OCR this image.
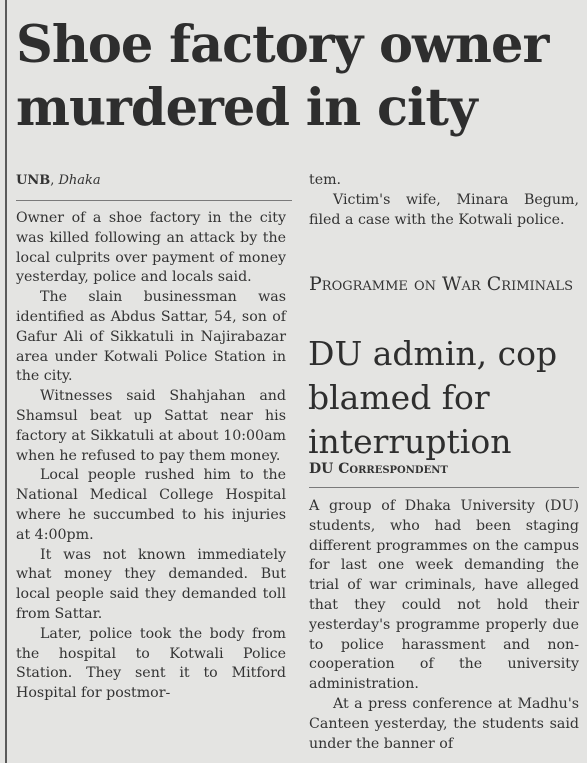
Shoe factory owner murdered in city
UNB, Dhaka

Owner of a shoe factory in the city was killed following an attack by the local culprits over payment of money yesterday, police and locals said.

The slain businessman was identified as Abdus Sattar, 54, son of Gafur Ali of Sikkatuli in Najirabazar area under Kotwali Police Station in the city.

Witnesses said Shahjahan and Shamsul beat up Sattat near his factory at Sikkatuli at about 10:00am when he refused to pay them money.

Local people rushed him to the National Medical College Hospital where he succumbed to his injuries at 4:00pm.

It was not known immediately what money they demanded. But local people said they demanded toll from Sattar.

Later, police took the body from the hospital to Kotwali Police Station. They sent it to Mitford Hospital for postmor-

tem.

Victim's wife, Minara Begum, filed a case with the Kotwali police.

Programme on War Criminals
DU admin, cop blamed for interruption
DU Correspondent

A group of Dhaka University (DU) students, who had been staging different programmes on the campus for last one week demanding the trial of war criminals, have alleged that they could not hold their yesterday's programme properly due to police harassment and non-cooperation of the university administration.

At a press conference at Madhu's Canteen yesterday, the students said under the banner of
